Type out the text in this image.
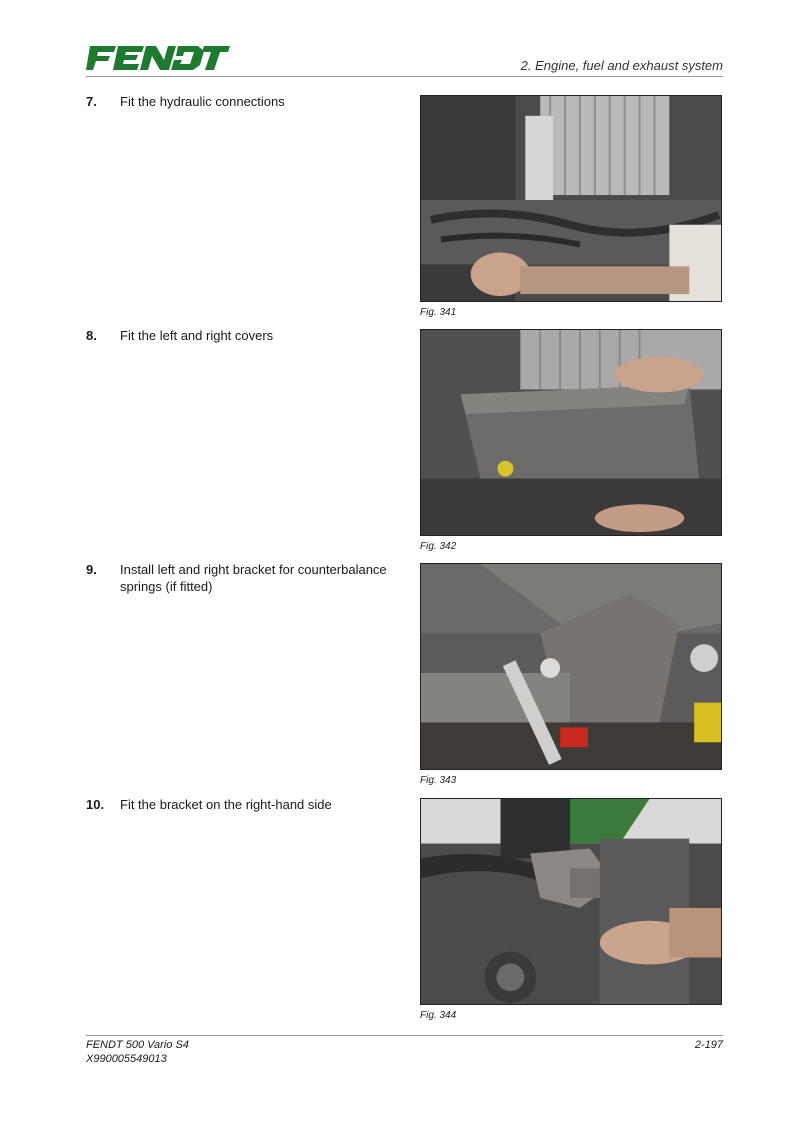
2. Engine, fuel and exhaust system
7. Fit the hydraulic connections
Fig. 341
8. Fit the left and right covers
Fig. 342
9. Install left and right bracket for counterbalance springs (if fitted)
Fig. 343
10. Fit the bracket on the right-hand side
Fig. 344
FENDT 500 Vario S4
X990005549013
2-197
